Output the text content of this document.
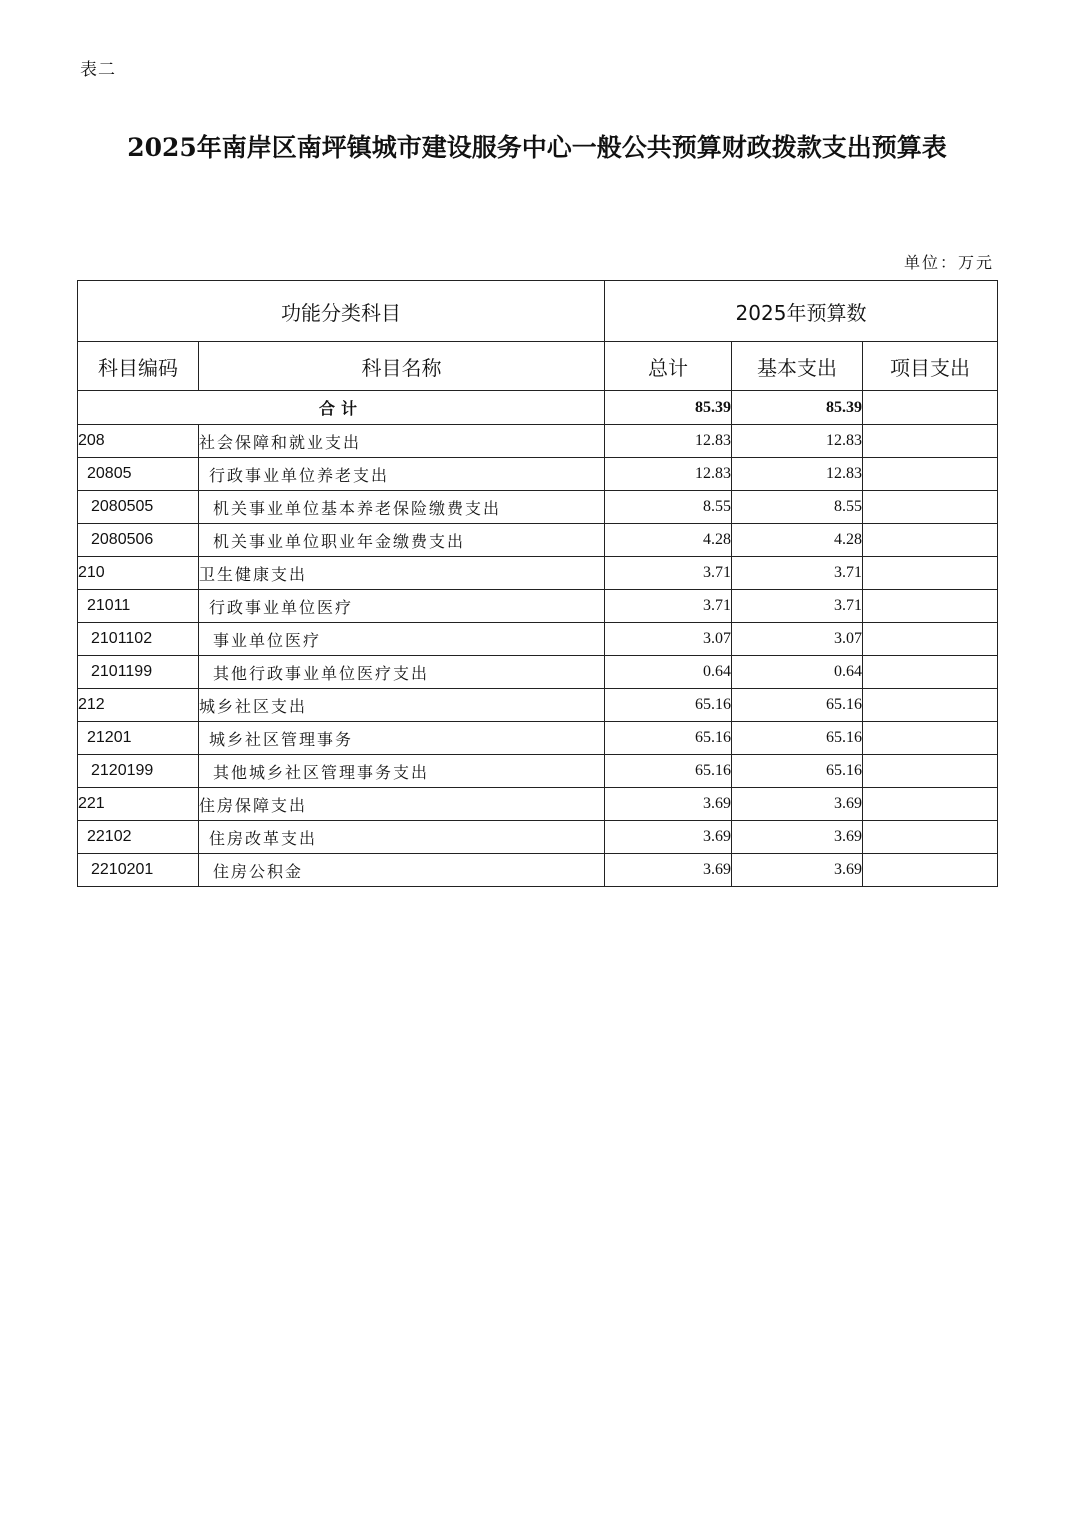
表二
2025年南岸区南坪镇城市建设服务中心一般公共预算财政拨款支出预算表
单位：万元
功能分类科目		2025年预算数		
科目编码	科目名称	总计	基本支出	项目支出
合计		85.39	85.39	
208	社会保障和就业支出	12.83	12.83	
20805	行政事业单位养老支出	12.83	12.83	
2080505	机关事业单位基本养老保险缴费支出	8.55	8.55	
2080506	机关事业单位职业年金缴费支出	4.28	4.28	
210	卫生健康支出	3.71	3.71	
21011	行政事业单位医疗	3.71	3.71	
2101102	事业单位医疗	3.07	3.07	
2101199	其他行政事业单位医疗支出	0.64	0.64	
212	城乡社区支出	65.16	65.16	
21201	城乡社区管理事务	65.16	65.16	
2120199	其他城乡社区管理事务支出	65.16	65.16	
221	住房保障支出	3.69	3.69	
22102	住房改革支出	3.69	3.69	
2210201	住房公积金	3.69	3.69	
